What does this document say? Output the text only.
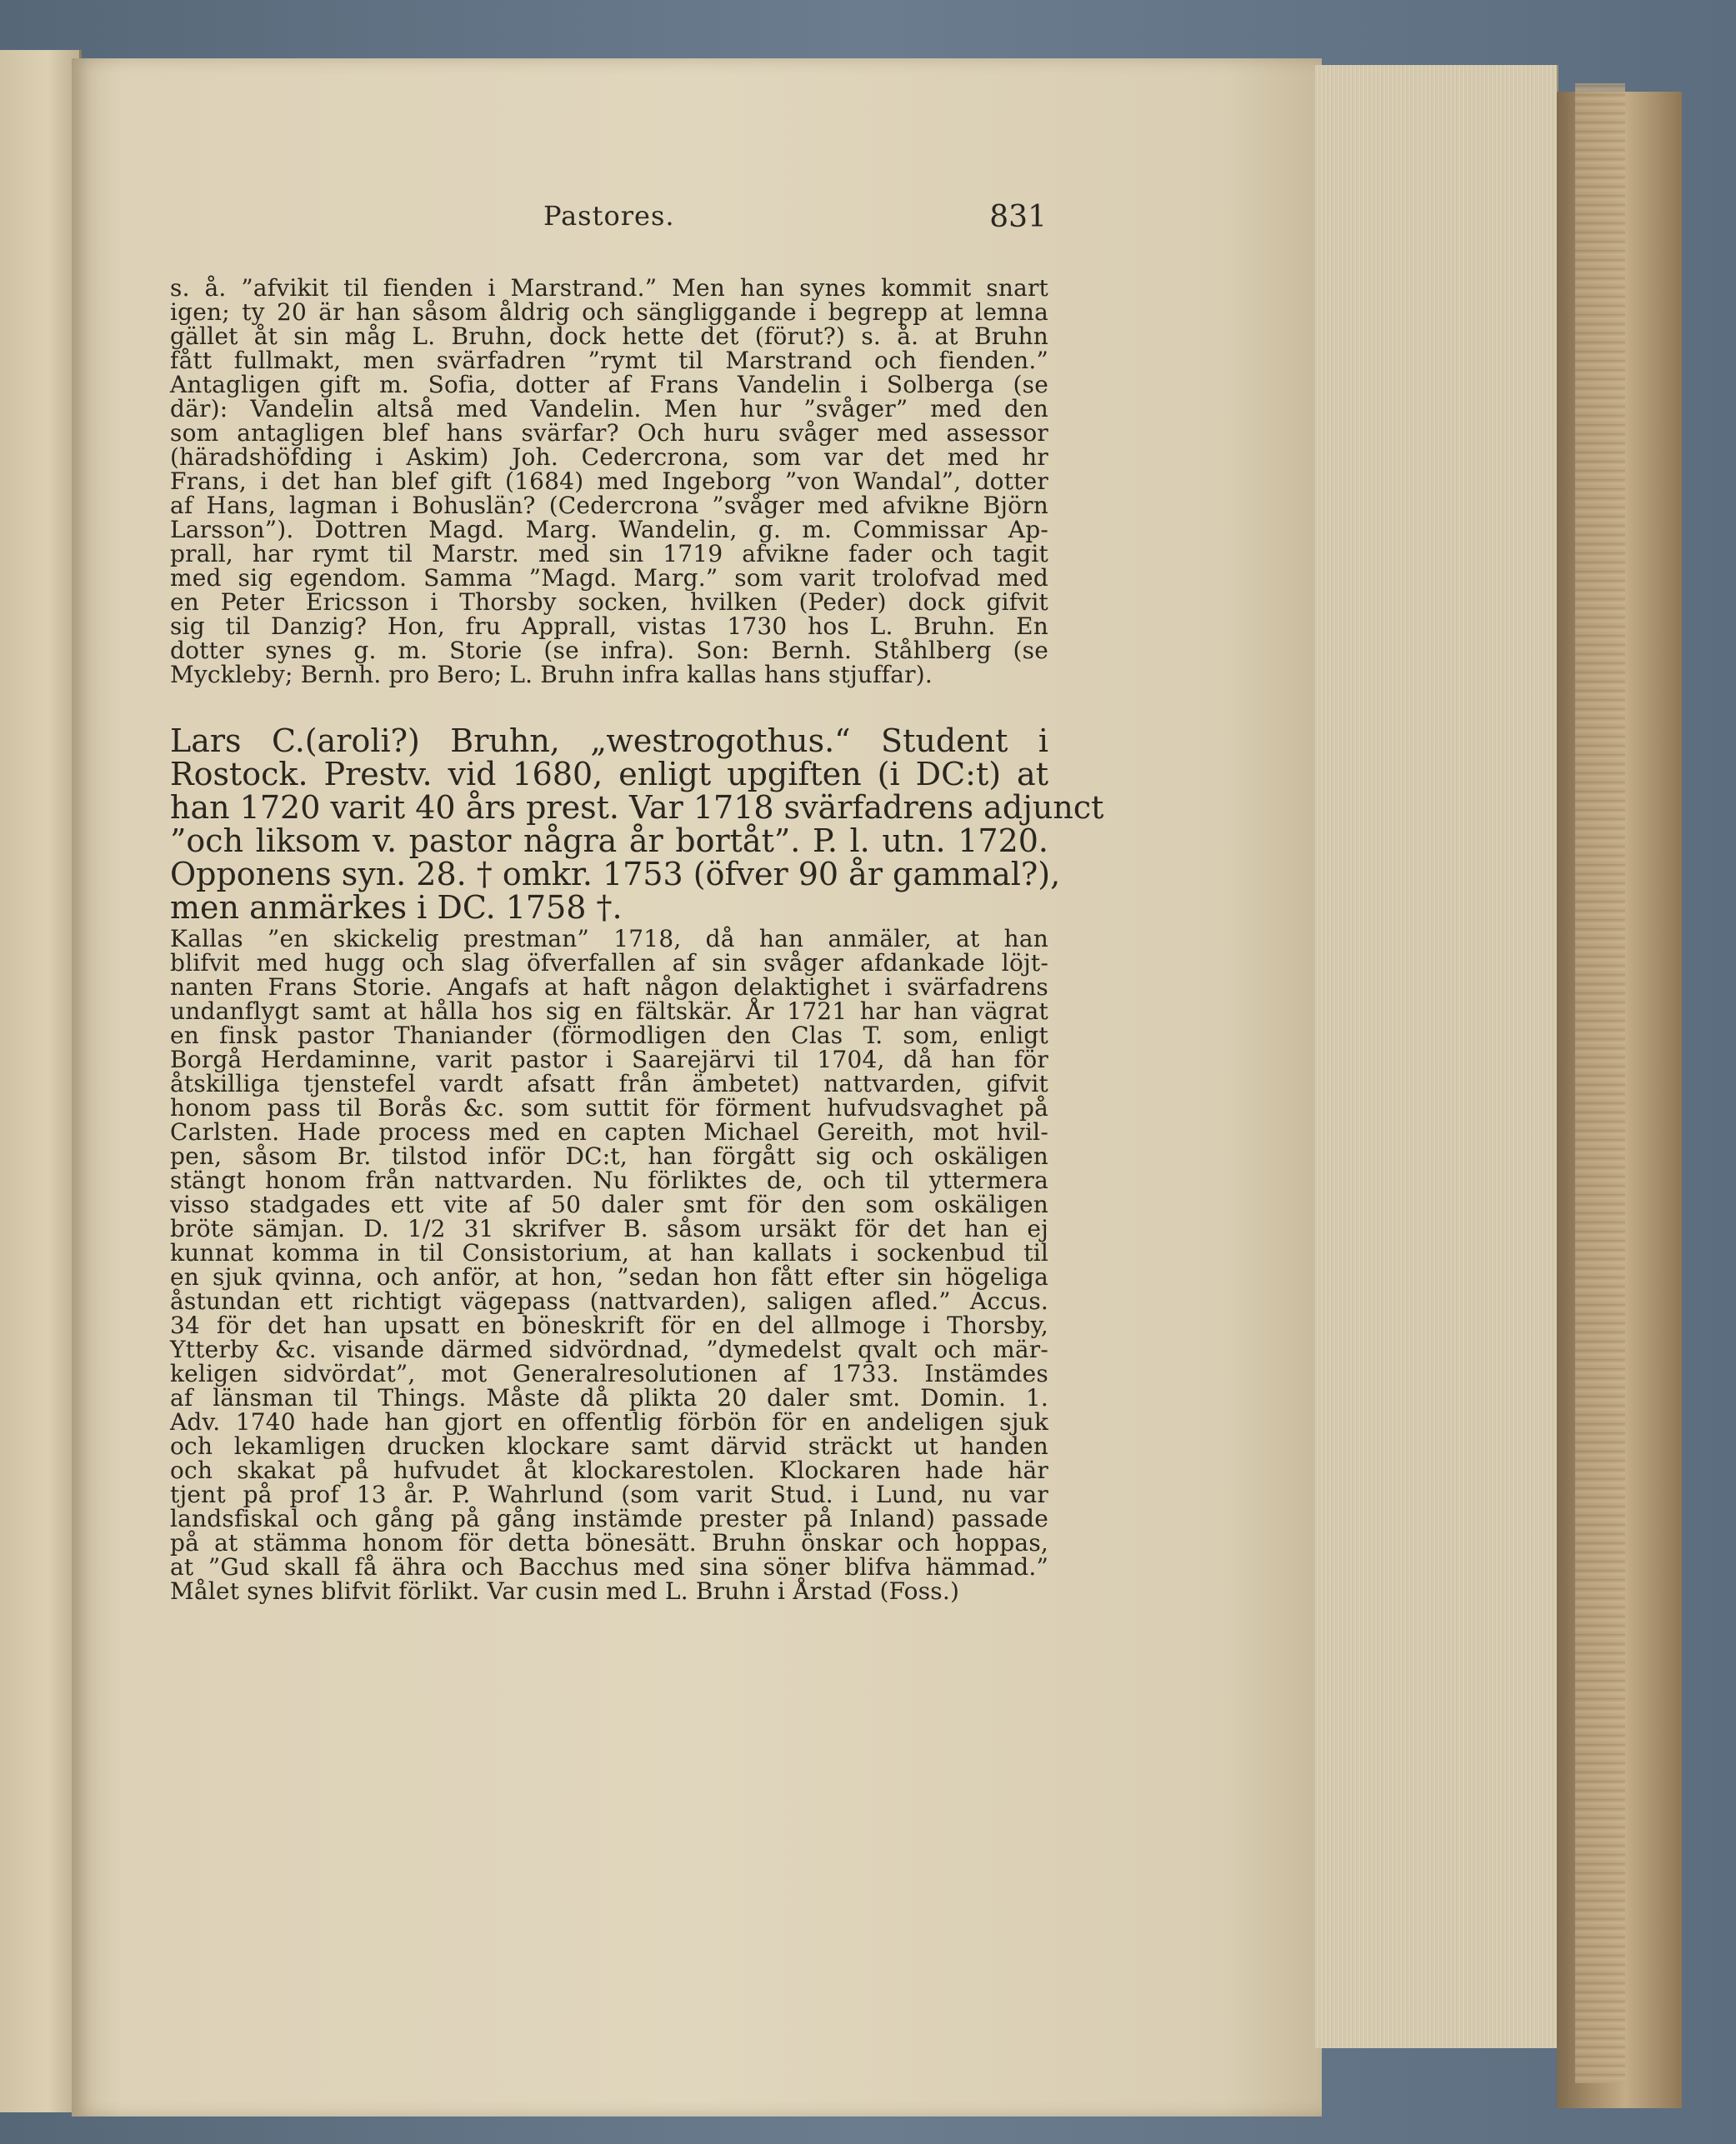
Pastores.	831
s. å. ”afvikit til fienden i Marstrand.” Men han synes kommit snart
igen; ty 20 är han såsom åldrig och sängliggande i begrepp at lemna
gället åt sin måg L. Bruhn, dock hette det (förut?) s. å. at Bruhn
fått fullmakt, men svärfadren ”rymt til Marstrand och fienden.”
Antagligen gift m. Sofia, dotter af Frans Vandelin i Solberga (se
där): Vandelin altså med Vandelin. Men hur ”svåger” med den
som antagligen blef hans svärfar? Och huru svåger med assessor
(häradshöfding i Askim) Joh. Cedercrona, som var det med hr
Frans, i det han blef gift (1684) med Ingeborg ”von Wandal”, dotter
af Hans, lagman i Bohuslän? (Cedercrona ”svåger med afvikne Björn
Larsson”). Dottren Magd. Marg. Wandelin, g. m. Commissar Ap-
prall, har rymt til Marstr. med sin 1719 afvikne fader och tagit
med sig egendom. Samma ”Magd. Marg.” som varit trolofvad med
en Peter Ericsson i Thorsby socken, hvilken (Peder) dock gifvit
sig til Danzig? Hon, fru Apprall, vistas 1730 hos L. Bruhn. En
dotter synes g. m. Storie (se infra). Son: Bernh. Ståhlberg (se
Myckleby; Bernh. pro Bero; L. Bruhn infra kallas hans stjuffar).
Lars C.(aroli?) Bruhn, „westrogothus.“ Student i
Rostock. Prestv. vid 1680, enligt upgiften (i DC:t) at
han 1720 varit 40 års prest. Var 1718 svärfadrens adjunct
”och liksom v. pastor några år bortåt”. P. l. utn. 1720.
Opponens syn. 28. † omkr. 1753 (öfver 90 år gammal?),
men anmärkes i DC. 1758 †.
Kallas ”en skickelig prestman” 1718, då han anmäler, at han
blifvit med hugg och slag öfverfallen af sin svåger afdankade löjt-
nanten Frans Storie. Angafs at haft någon delaktighet i svärfadrens
undanflygt samt at hålla hos sig en fältskär. År 1721 har han vägrat
en finsk pastor Thaniander (förmodligen den Clas T. som, enligt
Borgå Herdaminne, varit pastor i Saarejärvi til 1704, då han för
åtskilliga tjenstefel vardt afsatt från ämbetet) nattvarden, gifvit
honom pass til Borås &c. som suttit för förment hufvudsvaghet på
Carlsten. Hade process med en capten Michael Gereith, mot hvil-
pen, såsom Br. tilstod inför DC:t, han förgått sig och oskäligen
stängt honom från nattvarden. Nu förliktes de, och til yttermera
visso stadgades ett vite af 50 daler smt för den som oskäligen
bröte sämjan. D. 1/2 31 skrifver B. såsom ursäkt för det han ej
kunnat komma in til Consistorium, at han kallats i sockenbud til
en sjuk qvinna, och anför, at hon, ”sedan hon fått efter sin högeliga
åstundan ett richtigt vägepass (nattvarden), saligen afled.” Accus.
34 för det han upsatt en böneskrift för en del allmoge i Thorsby,
Ytterby &c. visande därmed sidvördnad, ”dymedelst qvalt och mär-
keligen sidvördat”, mot Generalresolutionen af 1733. Instämdes
af länsman til Things. Måste då plikta 20 daler smt. Domin. 1.
Adv. 1740 hade han gjort en offentlig förbön för en andeligen sjuk
och lekamligen drucken klockare samt därvid sträckt ut handen
och skakat på hufvudet åt klockarestolen. Klockaren hade här
tjent på prof 13 år. P. Wahrlund (som varit Stud. i Lund, nu var
landsfiskal och gång på gång instämde prester på Inland) passade
på at stämma honom för detta bönesätt. Bruhn önskar och hoppas,
at ”Gud skall få ähra och Bacchus med sina söner blifva hämmad.”
Målet synes blifvit förlikt. Var cusin med L. Bruhn i Årstad (Foss.)
